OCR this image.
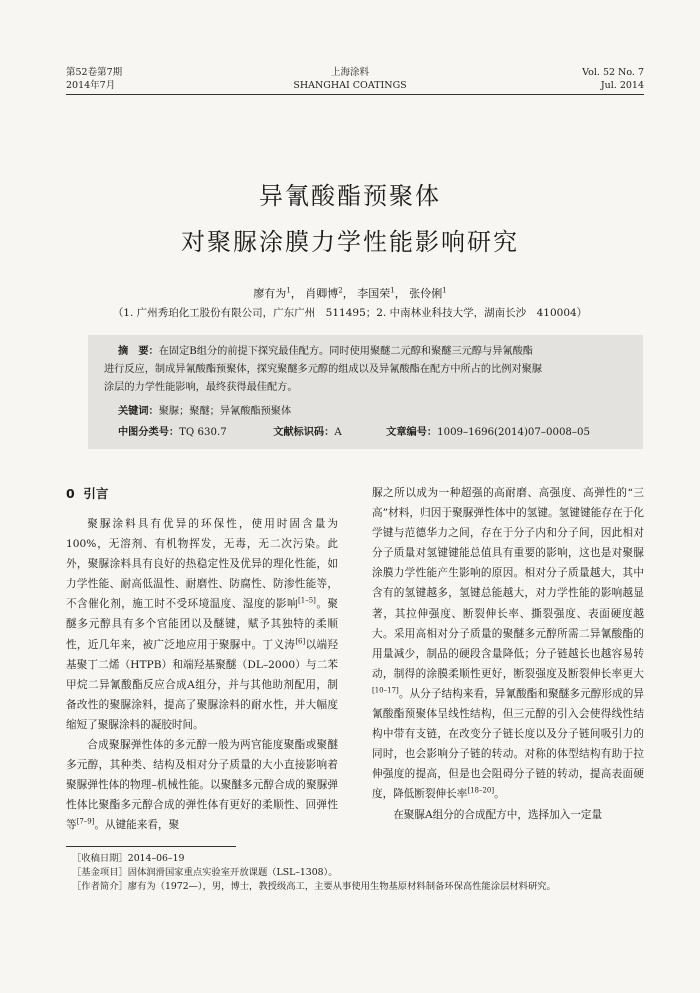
第52卷第7期
2014年7月
上海涂料
SHANGHAI COATINGS
Vol. 52 No. 7
Jul. 2014
异氰酸酯预聚体
对聚脲涂膜力学性能影响研究
廖有为$^1$， 肖卿博$^2$， 李国荣$^1$， 张伶俐$^1$
（1. 广州秀珀化工股份有限公司，广东广州　511495；2. 中南林业科技大学，湖南长沙　410004）
摘　要：在固定B组分的前提下探究最佳配方。同时使用聚醚二元醇和聚醚三元醇与异氰酸酯
进行反应，制成异氰酸酯预聚体，探究聚醚多元醇的组成以及异氰酸酯在配方中所占的比例对聚脲
涂层的力学性能影响，最终获得最佳配方。
关键词：聚脲；聚醚；异氰酸酯预聚体
中图分类号：TQ 630.7	文献标识码：A	文章编号：1009–1696(2014)07–0008–05
0 引言

聚脲涂料具有优异的环保性，使用时固含量为100%，无溶剂、有机物挥发，无毒，无二次污染。此外，聚脲涂料具有良好的热稳定性及优异的理化性能，如力学性能、耐高低温性、耐磨性、防腐性、防渗性能等，不含催化剂，施工时不受环境温度、湿度的影响[1–5]。聚醚多元醇具有多个官能团以及醚键，赋予其独特的柔顺性，近几年来，被广泛地应用于聚脲中。丁义涛[6]以端羟基聚丁二烯（HTPB）和端羟基聚醚（DL–2000）与二苯甲烷二异氰酸酯反应合成A组分，并与其他助剂配用，制备改性的聚脲涂料，提高了聚脲涂料的耐水性，并大幅度缩短了聚脲涂料的凝胶时间。

合成聚脲弹性体的多元醇一般为两官能度聚酯或聚醚多元醇，其种类、结构及相对分子质量的大小直接影响着聚脲弹性体的物理–机械性能。以聚醚多元醇合成的聚脲弹性体比聚酯多元醇合成的弹性体有更好的柔顺性、回弹性等[7–9]。从键能来看，聚

脲之所以成为一种超强的高耐磨、高强度、高弹性的“三高”材料，归因于聚脲弹性体中的氢键。氢键键能存在于化学键与范德华力之间，存在于分子内和分子间，因此相对分子质量对氢键键能总值具有重要的影响，这也是对聚脲涂膜力学性能产生影响的原因。相对分子质量越大，其中含有的氢键越多，氢键总能越大，对力学性能的影响越显著，其拉伸强度、断裂伸长率、撕裂强度、表面硬度越大。采用高相对分子质量的聚醚多元醇所需二异氰酸酯的用量减少，制品的硬段含量降低；分子链越长也越容易转动，制得的涂膜柔顺性更好，断裂强度及断裂伸长率更大[10–17]。从分子结构来看，异氰酸酯和聚醚多元醇形成的异氰酸酯预聚体呈线性结构，但三元醇的引入会使得线性结构中带有支链，在改变分子链长度以及分子链间吸引力的同时，也会影响分子链的转动。对称的体型结构有助于拉伸强度的提高，但是也会阻碍分子链的转动，提高表面硬度，降低断裂伸长率[18–20]。

在聚脲A组分的合成配方中，选择加入一定量

［收稿日期］2014–06–19
［基金项目］固体润滑国家重点实验室开放课题（LSL–1308）。
［作者简介］廖有为（1972—），男，博士，教授级高工，主要从事使用生物基原材料制备环保高性能涂层材料研究。
